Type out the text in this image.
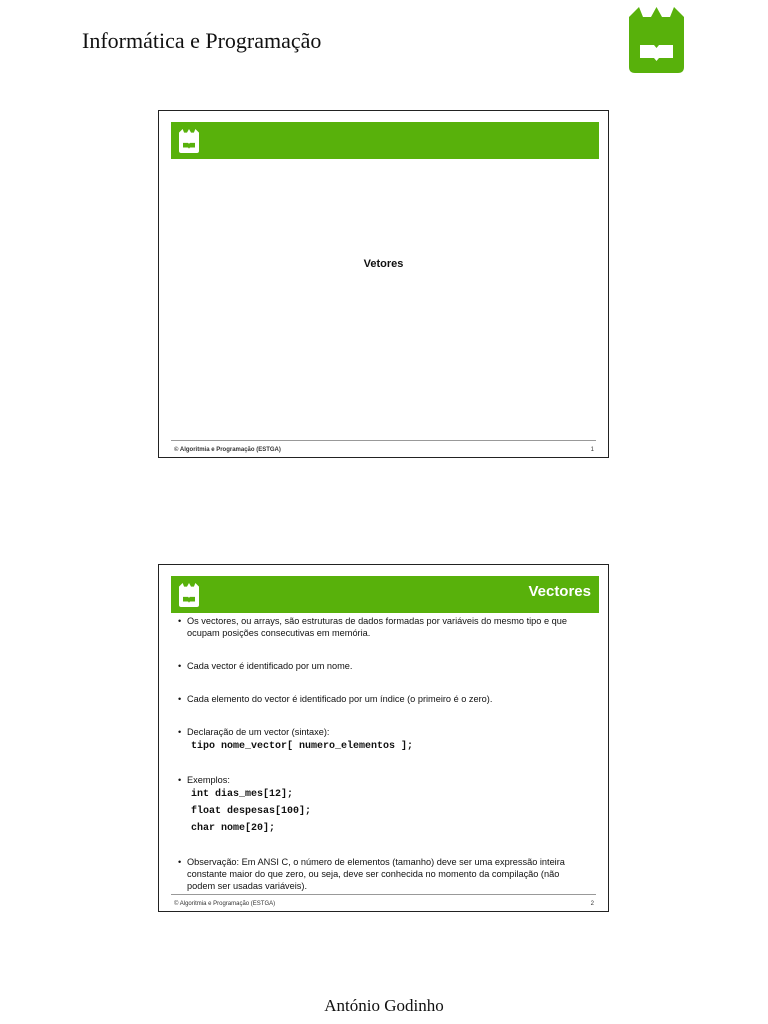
Informática e Programação
Vetores
© Algoritmia e Programação (ESTGA)	1
Vectores
• Os vectores, ou arrays, são estruturas de dados formadas por variáveis do mesmo tipo e que ocupam posições consecutivas em memória.
• Cada vector é identificado por um nome.
• Cada elemento do vector é identificado por um índice (o primeiro é o zero).
• Declaração de um vector (sintaxe):
tipo nome_vector[ numero_elementos ];
• Exemplos:
int dias_mes[12];
float despesas[100];
char nome[20];
• Observação: Em ANSI C, o número de elementos (tamanho) deve ser uma expressão inteira constante maior do que zero, ou seja, deve ser conhecida no momento da compilação (não podem ser usadas variáveis).
© Algoritmia e Programação (ESTGA)	2
António Godinho
